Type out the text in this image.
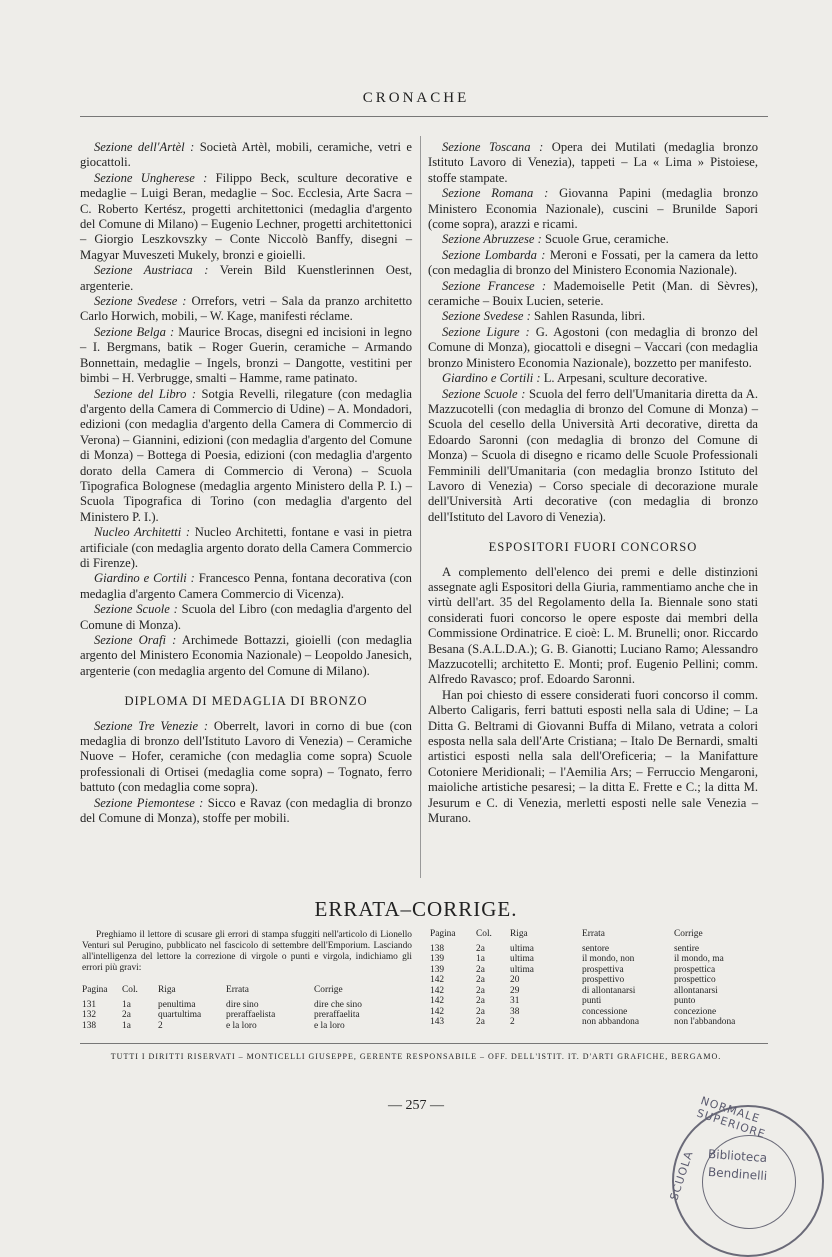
CRONACHE

Sezione dell'Artèl : Società Artèl, mobili, ceramiche, vetri e giocattoli.

Sezione Ungherese : Filippo Beck, sculture decorative e medaglie – Luigi Beran, medaglie – Soc. Ecclesia, Arte Sacra – C. Roberto Kertész, progetti architettonici (medaglia d'argento del Comune di Milano) – Eugenio Lechner, progetti architettonici – Giorgio Leszkovszky – Conte Niccolò Banffy, disegni – Magyar Muveszeti Mukely, bronzi e gioielli.

Sezione Austriaca : Verein Bild Kuenstlerinnen Oest, argenterie.

Sezione Svedese : Orrefors, vetri – Sala da pranzo architetto Carlo Horwich, mobili, – W. Kage, manifesti réclame.

Sezione Belga : Maurice Brocas, disegni ed incisioni in legno – I. Bergmans, batik – Roger Guerin, ceramiche – Armando Bonnettain, medaglie – Ingels, bronzi – Dangotte, vestitini per bimbi – H. Verbrugge, smalti – Hamme, rame patinato.

Sezione del Libro : Sotgia Revelli, rilegature (con medaglia d'argento della Camera di Commercio di Udine) – A. Mondadori, edizioni (con medaglia d'argento della Camera di Commercio di Verona) – Giannini, edizioni (con medaglia d'argento del Comune di Monza) – Bottega di Poesia, edizioni (con medaglia d'argento dorato della Camera di Commercio di Verona) – Scuola Tipografica Bolognese (medaglia argento Ministero della P. I.) – Scuola Tipografica di Torino (con medaglia d'argento del Ministero P. I.).

Nucleo Architetti : Nucleo Architetti, fontane e vasi in pietra artificiale (con medaglia argento dorato della Camera Commercio di Firenze).

Giardino e Cortili : Francesco Penna, fontana decorativa (con medaglia d'argento Camera Commercio di Vicenza).

Sezione Scuole : Scuola del Libro (con medaglia d'argento del Comune di Monza).

Sezione Orafi : Archimede Bottazzi, gioielli (con medaglia argento del Ministero Economia Nazionale) – Leopoldo Janesich, argenterie (con medaglia argento del Comune di Milano).

DIPLOMA DI MEDAGLIA DI BRONZO

Sezione Tre Venezie : Oberrelt, lavori in corno di bue (con medaglia di bronzo dell'Istituto Lavoro di Venezia) – Ceramiche Nuove – Hofer, ceramiche (con medaglia come sopra) Scuole professionali di Ortisei (medaglia come sopra) – Tognato, ferro battuto (con medaglia come sopra).

Sezione Piemontese : Sicco e Ravaz (con medaglia di bronzo del Comune di Monza), stoffe per mobili.

Sezione Toscana : Opera dei Mutilati (medaglia bronzo Istituto Lavoro di Venezia), tappeti – La « Lima » Pistoiese, stoffe stampate.

Sezione Romana : Giovanna Papini (medaglia bronzo Ministero Economia Nazionale), cuscini – Brunilde Sapori (come sopra), arazzi e ricami.

Sezione Abruzzese : Scuole Grue, ceramiche.

Sezione Lombarda : Meroni e Fossati, per la camera da letto (con medaglia di bronzo del Ministero Economia Nazionale).

Sezione Francese : Mademoiselle Petit (Man. di Sèvres), ceramiche – Bouix Lucien, seterie.

Sezione Svedese : Sahlen Rasunda, libri.

Sezione Ligure : G. Agostoni (con medaglia di bronzo del Comune di Monza), giocattoli e disegni – Vaccari (con medaglia bronzo Ministero Economia Nazionale), bozzetto per manifesto.

Giardino e Cortili : L. Arpesani, sculture decorative.

Sezione Scuole : Scuola del ferro dell'Umanitaria diretta da A. Mazzucotelli (con medaglia di bronzo del Comune di Monza) – Scuola del cesello della Università Arti decorative, diretta da Edoardo Saronni (con medaglia di bronzo del Comune di Monza) – Scuola di disegno e ricamo delle Scuole Professionali Femminili dell'Umanitaria (con medaglia bronzo Istituto del Lavoro di Venezia) – Corso speciale di decorazione murale dell'Università Arti decorative (con medaglia di bronzo dell'Istituto del Lavoro di Venezia).

ESPOSITORI FUORI CONCORSO

A complemento dell'elenco dei premi e delle distinzioni assegnate agli Espositori della Giuria, rammentiamo anche che in virtù dell'art. 35 del Regolamento della Ia. Biennale sono stati considerati fuori concorso le opere esposte dai membri della Commissione Ordinatrice. E cioè: L. M. Brunelli; onor. Riccardo Besana (S.A.L.D.A.); G. B. Gianotti; Luciano Ramo; Alessandro Mazzucotelli; architetto E. Monti; prof. Eugenio Pellini; comm. Alfredo Ravasco; prof. Edoardo Saronni.

Han poi chiesto di essere considerati fuori concorso il comm. Alberto Caligaris, ferri battuti esposti nella sala di Udine; – La Ditta G. Beltrami di Giovanni Buffa di Milano, vetrata a colori esposta nella sala dell'Arte Cristiana; – Italo De Bernardi, smalti artistici esposti nella sala dell'Oreficeria; – la Manifatture Cotoniere Meridionali; – l'Aemilia Ars; – Ferruccio Mengaroni, maioliche artistiche pesaresi; – la ditta E. Frette e C.; la ditta M. Jesurum e C. di Venezia, merletti esposti nelle sale Venezia – Murano.

ERRATA–CORRIGE.
Preghiamo il lettore di scusare gli errori di stampa sfuggiti nell'articolo di Lionello Venturi sul Perugino, pubblicato nel fascicolo di settembre dell'Emporium. Lasciando all'intelligenza del lettore la correzione di virgole o punti e virgola, indichiamo gli errori più gravi:
Pagina	Col.	Riga	Errata	Corrige

131	1a	penultima	dire sino	dire che sino
132	2a	quartultima	preraffaelista	preraffaelita
138	1a	2	e la loro	e la loro
Pagina	Col.	Riga	Errata	Corrige

138	2a	ultima	sentore	sentire
139	1a	ultima	il mondo, non	il mondo, ma
139	2a	ultima	prospettiva	prospettica
142	2a	20	prospettivo	prospettico
142	2a	29	di allontanarsi	allontanarsi
142	2a	31	punti	punto
142	2a	38	concessione	concezione
143	2a	2	non abbandona	non l'abbandona
TUTTI I DIRITTI RISERVATI – MONTICELLI GIUSEPPE, GERENTE RESPONSABILE – OFF. DELL'ISTIT. IT. D'ARTI GRAFICHE, BERGAMO.
— 257 —	NORMALE SUPERIORE
SCUOLA Biblioteca
Bendinelli
